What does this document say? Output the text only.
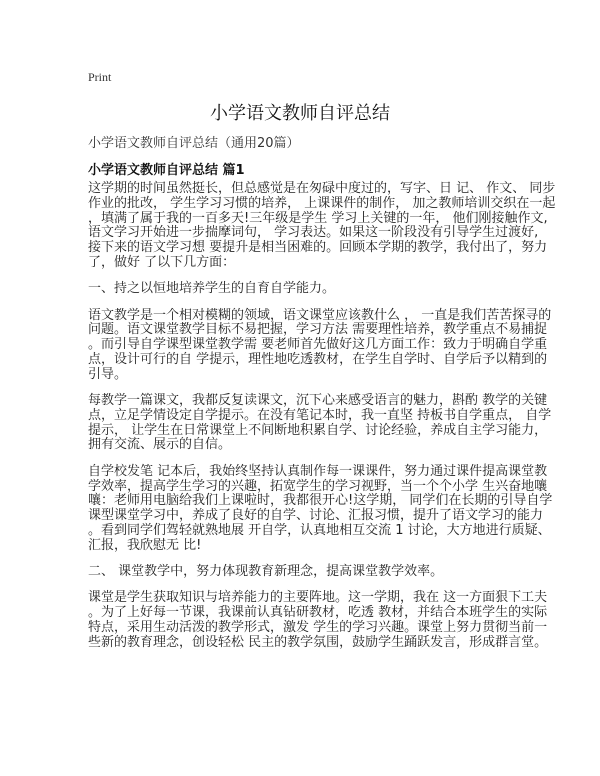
Print
小学语文教师自评总结
小学语文教师自评总结（通用20篇）
小学语文教师自评总结 篇1
这学期的时间虽然挺长，但总感觉是在匆碌中度过的，写字、日 记、 作文、 同步
作业的批改， 学生学习习惯的培养， 上课课件的制作， 加之教师培训交织在一起
，填满了属于我的一百多天!三年级是学生 学习上关键的一年， 他们刚接触作文,
语文学习开始进一步揣摩词句， 学习表达。如果这一阶段没有引导学生过渡好,
接下来的语文学习想 要提升是相当困难的。回顾本学期的教学，我付出了，努力
了，做好 了以下几方面：
一、持之以恒地培养学生的自育自学能力。
语文教学是一个相对模糊的领域，语文课堂应该教什么 ， 一直是我们苦苦探寻的
问题。语文课堂教学目标不易把握，学习方法 需要理性培养，教学重点不易捕捉
。而引导自学课型课堂教学需 要老师首先做好这几方面工作：致力于明确自学重
点，设计可行的自 学提示，理性地吃透教材，在学生自学时、自学后予以精到的
引导。
每教学一篇课文，我都反复读课文，沉下心来感受语言的魅力，斟酌 教学的关键
点，立足学情设定自学提示。在没有笔记本时，我一直坚 持板书自学重点， 自学
提示， 让学生在日常课堂上不间断地积累自学、讨论经验，养成自主学习能力，
拥有交流、展示的自信。
自学校发笔 记本后，我始终坚持认真制作每一课课件，努力通过课件提高课堂教
学效率，提高学生学习的兴趣，拓宽学生的学习视野，当一个个小学 生兴奋地嚷
嚷：老师用电脑给我们上课啦时，我都很开心!这学期， 同学们在长期的引导自学
课型课堂学习中，养成了良好的自学、讨论、汇报习惯，提升了语文学习的能力
。看到同学们驾轻就熟地展 开自学，认真地相互交流 1 讨论，大方地进行质疑、
汇报，我欣慰无 比!
二、 课堂教学中，努力体现教育新理念，提高课堂教学效率。
课堂是学生获取知识与培养能力的主要阵地。这一学期，我在 这一方面狠下工夫
。为了上好每一节课，我课前认真钻研教材，吃透 教材，并结合本班学生的实际
特点，采用生动活泼的教学形式，激发 学生的学习兴趣。课堂上努力贯彻当前一
些新的教育理念，创设轻松 民主的教学氛围，鼓励学生踊跃发言，形成群言堂。
